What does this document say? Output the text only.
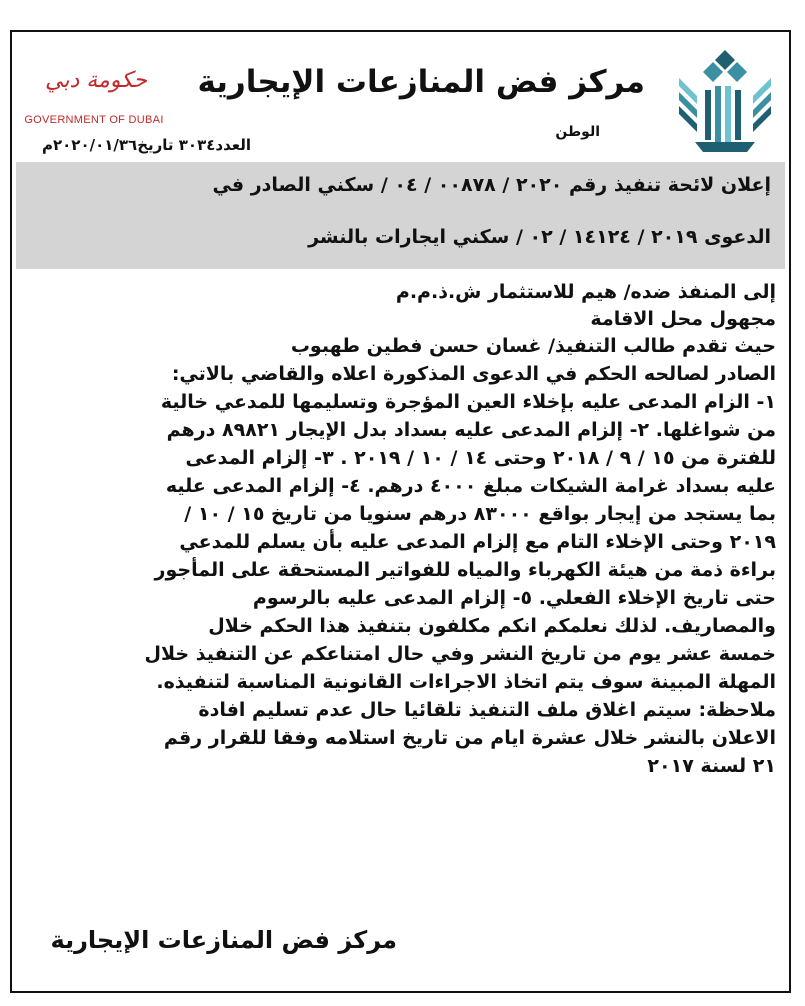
مركز فض المنازعات الإيجارية
الوطن
حكومة دبي
GOVERNMENT OF DUBAI
العدد٣٠٣٤ تاريخ٢٠٢٠/٠١/٣٦م
إعلان لائحة تنفيذ رقم ٢٠٢٠ / ٠٠٨٧٨ / ٠٤ / سكني الصادر في
الدعوى ٢٠١٩ / ١٤١٢٤ / ٠٢ / سكني ايجارات بالنشر
إلى المنفذ ضده/ هيم للاستثمار ش.ذ.م.م
مجهول محل الاقامة
حيث تقدم طالب التنفيذ/ غسان حسن فطين طهبوب
الصادر لصالحه الحكم في الدعوى المذكورة اعلاه والقاضي بالاتي:
١- الزام المدعى عليه بإخلاء العين المؤجرة وتسليمها للمدعي خالية
من شواغلها. ٢- إلزام المدعى عليه بسداد بدل الإيجار ٨٩٨٢١ درهم
للفترة من ١٥ / ٩ / ٢٠١٨ وحتى ١٤ / ١٠ / ٢٠١٩ . ٣- إلزام المدعى
عليه بسداد غرامة الشيكات مبلغ ٤٠٠٠ درهم. ٤- إلزام المدعى عليه
بما يستجد من إيجار بواقع ٨٣٠٠٠ درهم سنويا من تاريخ ١٥ / ١٠ /
٢٠١٩ وحتى الإخلاء التام مع إلزام المدعى عليه بأن يسلم للمدعي
براءة ذمة من هيئة الكهرباء والمياه للفواتير المستحقة على المأجور
حتى تاريخ الإخلاء الفعلي. ٥- إلزام المدعى عليه بالرسوم
والمصاريف. لذلك نعلمكم انكم مكلفون بتنفيذ هذا الحكم خلال
خمسة عشر يوم من تاريخ النشر وفي حال امتناعكم عن التنفيذ خلال
المهلة المبينة سوف يتم اتخاذ الاجراءات القانونية المناسبة لتنفيذه.
ملاحظة: سيتم اغلاق ملف التنفيذ تلقائيا حال عدم تسليم افادة
الاعلان بالنشر خلال عشرة ايام من تاريخ استلامه وفقا للقرار رقم
٢١ لسنة ٢٠١٧
مركز فض المنازعات الإيجارية
